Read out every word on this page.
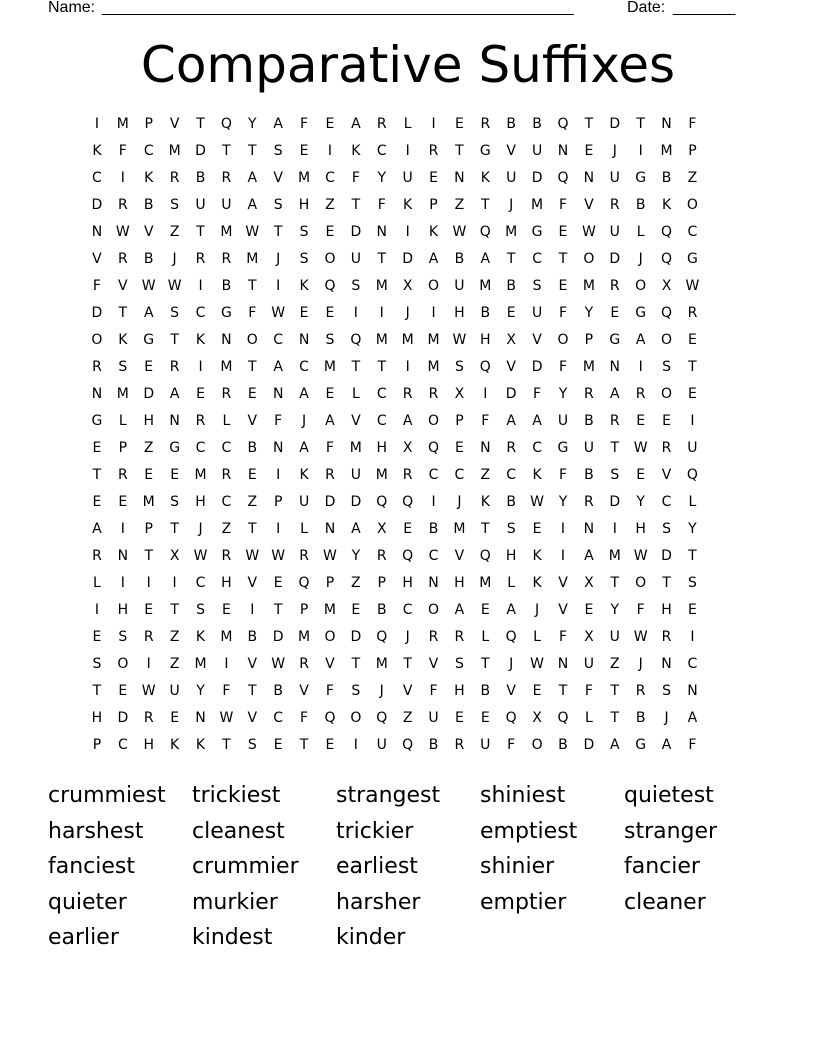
Name: _____________________________________________________	Date: _______
Comparative Suffixes
I	M	P	V	T	Q	Y	A	F	E	A	R	L	I	E	R	B	B	Q	T	D	T	N	F
K	F	C	M	D	T	T	S	E	I	K	C	I	R	T	G	V	U	N	E	J	I	M	P
C	I	K	R	B	R	A	V	M	C	F	Y	U	E	N	K	U	D	Q	N	U	G	B	Z
D	R	B	S	U	U	A	S	H	Z	T	F	K	P	Z	T	J	M	F	V	R	B	K	O
N W	V	Z	T	M W	T	S	E	D	N	I	K	W Q	M	G	E	W U	L	Q	C
V	R	B	J	R	R	M	J	S	O	U	T	D	A	B	A	T	C	T	O	D	J	Q	G
F	V	W W	I	B	T	I	K	Q	S	M	X	O	U	M	B	S	E	M	R	O	X	W
D	T	A	S	C	G	F	W	E	E	I	I	J	I	H	B	E	U	F	Y	E	G	Q	R
O	K	G	T	K	N	O	C	N	S	Q	M M M W H	X	V	O	P	G	A	O	E
R	S	E	R	I	M	T	A	C	M	T	T	I	M	S	Q	V	D	F	M	N	I	S	T
N	M	D	A	E	R	E	N	A	E	L	C	R	R	X	I	D	F	Y	R	A	R	O	E
G	L	H	N	R	L	V	F	J	A	V	C	A	O	P	F	A	A	U	B	R	E	E	I
E	P	Z	G	C	C	B	N	A	F	M	H	X	Q	E	N	R	C	G	U	T	W	R	U
T	R	E	E	M	R	E	I	K	R	U	M	R	C	C	Z	C	K	F	B	S	E	V	Q
E	E	M	S	H	C	Z	P	U	D	D	Q	Q	I	J	K	B	W	Y	R	D	Y	C	L
A	I	P	T	J	Z	T	I	L	N	A	X	E	B	M	T	S	E	I	N	I	H	S	Y
R	N	T	X	W	R	W W	R	W	Y	R	Q	C	V	Q	H	K	I	A	M W D	T
L	I	I	I	C	H	V	E	Q	P	Z	P	H	N	H	M	L	K	V	X	T	O	T	S
I	H	E	T	S	E	I	T	P	M	E	B	C	O	A	E	A	J	V	E	Y	F	H	E
E	S	R	Z	K	M	B	D	M	O	D	Q	J	R	R	L	Q	L	F	X	U W	R	I
S	O	I	Z	M	I	V	W	R	V	T	M	T	V	S	T	J	W N	U	Z	J	N	C
T	E	W U	Y	F	T	B	V	F	S	J	V	F	H	B	V	E	T	F	T	R	S	N
H	D	R	E	N W	V	C	F	Q	O	Q	Z	U	E	E	Q	X	Q	L	T	B	J	A
P	C	H	K	K	T	S	E	T	E	I	U	Q	B	R	U	F	O	B	D	A	G	A	F
crummiest	trickiest	strangest	shiniest	quietest
harshest	cleanest	trickier	emptiest	stranger
fanciest	crummier	earliest	shinier	fancier
quieter	murkier	harsher	emptier	cleaner
earlier	kindest	kinder
